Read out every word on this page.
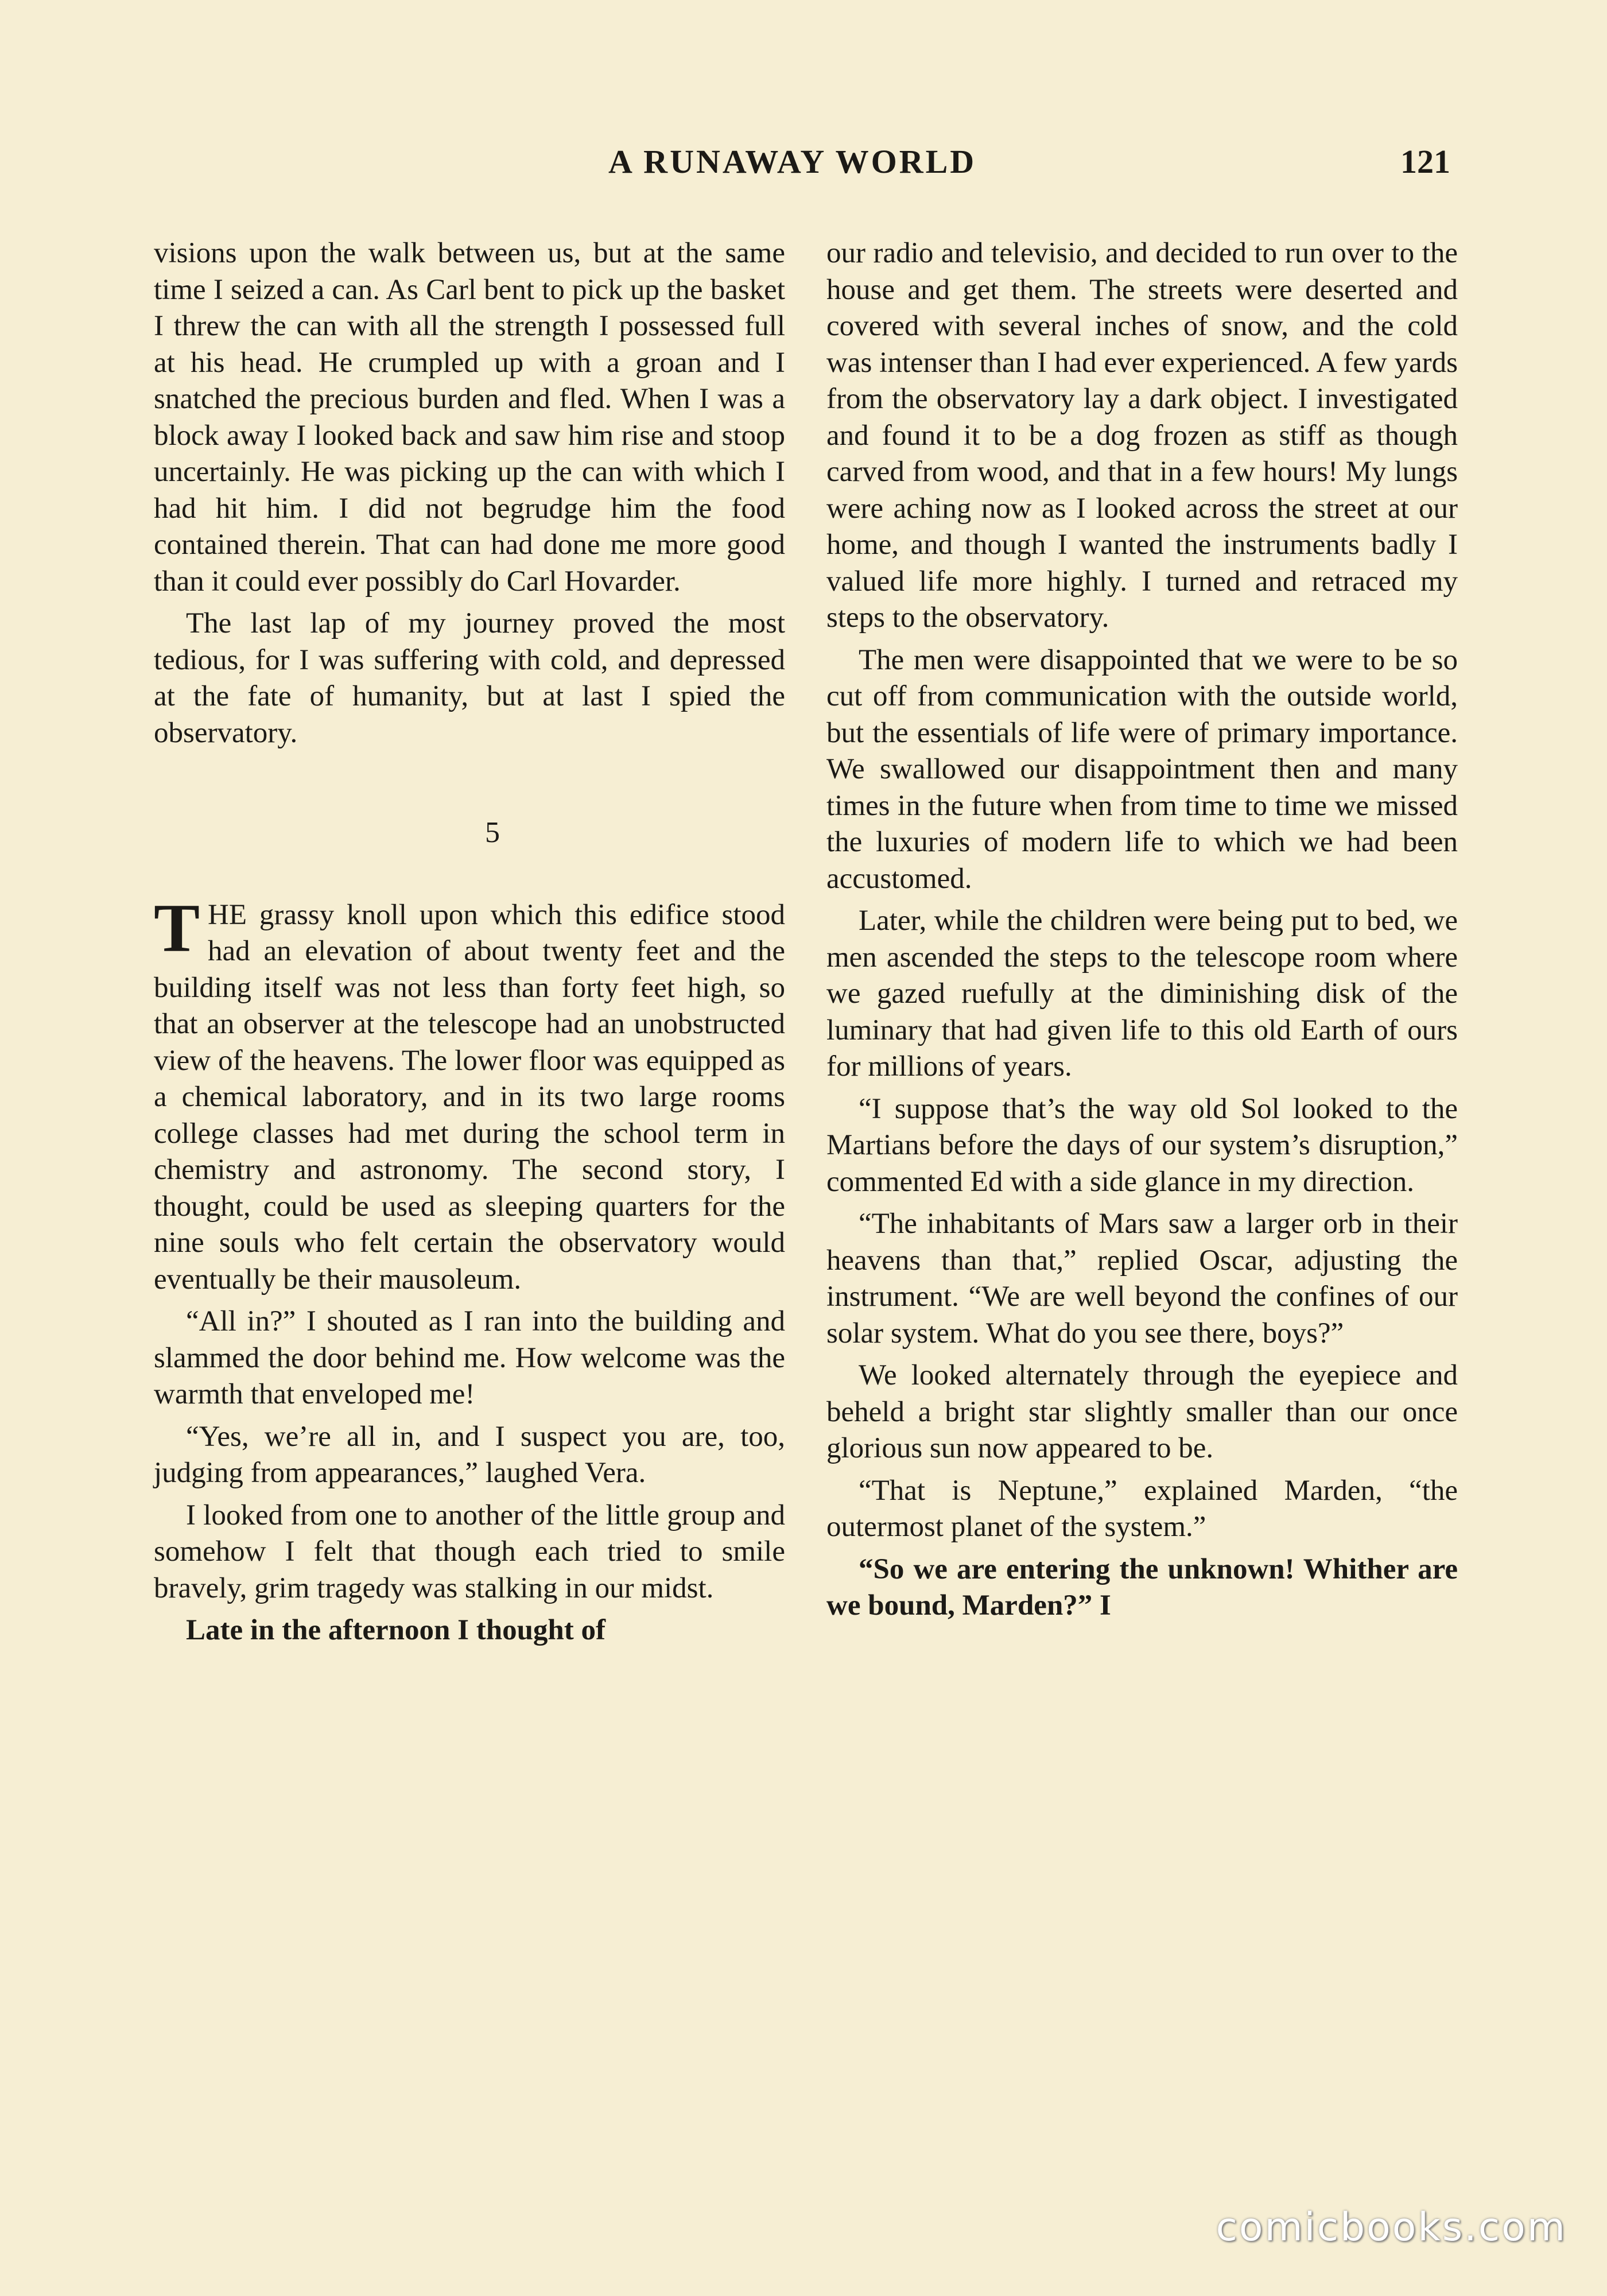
A RUNAWAY WORLD	121

visions upon the walk between us, but at the same time I seized a can. As Carl bent to pick up the basket I threw the can with all the strength I possessed full at his head. He crumpled up with a groan and I snatched the precious burden and fled. When I was a block away I looked back and saw him rise and stoop uncertainly. He was picking up the can with which I had hit him. I did not begrudge him the food contained therein. That can had done me more good than it could ever possibly do Carl Hovarder.

The last lap of my journey proved the most tedious, for I was suffering with cold, and depressed at the fate of humanity, but at last I spied the observatory.

5

THE grassy knoll upon which this edifice stood had an elevation of about twenty feet and the building itself was not less than forty feet high, so that an observer at the telescope had an unobstructed view of the heavens. The lower floor was equipped as a chemical laboratory, and in its two large rooms college classes had met during the school term in chemistry and astronomy. The second story, I thought, could be used as sleeping quarters for the nine souls who felt certain the observatory would eventually be their mausoleum.

“All in?” I shouted as I ran into the building and slammed the door behind me. How welcome was the warmth that enveloped me!

“Yes, we’re all in, and I suspect you are, too, judging from appearances,” laughed Vera.

I looked from one to another of the little group and somehow I felt that though each tried to smile bravely, grim tragedy was stalking in our midst.

Late in the afternoon I thought of

our radio and televisio, and decided to run over to the house and get them. The streets were deserted and covered with several inches of snow, and the cold was intenser than I had ever experienced. A few yards from the observatory lay a dark object. I investigated and found it to be a dog frozen as stiff as though carved from wood, and that in a few hours! My lungs were aching now as I looked across the street at our home, and though I wanted the instruments badly I valued life more highly. I turned and retraced my steps to the observatory.

The men were disappointed that we were to be so cut off from communication with the outside world, but the essentials of life were of primary importance. We swallowed our disappointment then and many times in the future when from time to time we missed the luxuries of modern life to which we had been accustomed.

Later, while the children were being put to bed, we men ascended the steps to the telescope room where we gazed ruefully at the diminishing disk of the luminary that had given life to this old Earth of ours for millions of years.

“I suppose that’s the way old Sol looked to the Martians before the days of our system’s disruption,” commented Ed with a side glance in my direction.

“The inhabitants of Mars saw a larger orb in their heavens than that,” replied Oscar, adjusting the instrument. “We are well beyond the confines of our solar system. What do you see there, boys?”

We looked alternately through the eyepiece and beheld a bright star slightly smaller than our once glorious sun now appeared to be.

“That is Neptune,” explained Marden, “the outermost planet of the system.”

“So we are entering the unknown! Whither are we bound, Marden?” I

comicbooks.com
